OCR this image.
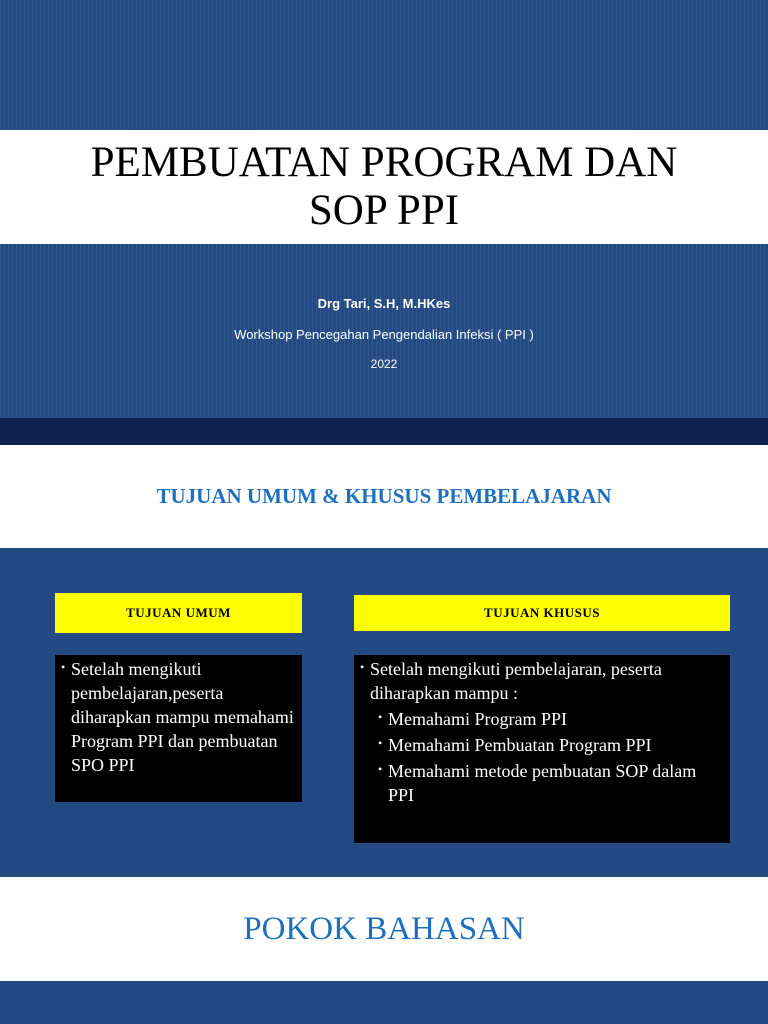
PEMBUATAN PROGRAM DAN
SOP PPI
Drg Tari, S.H, M.HKes
Workshop Pencegahan Pengendalian Infeksi ( PPI )
2022
TUJUAN UMUM & KHUSUS PEMBELAJARAN
TUJUAN UMUM	TUJUAN KHUSUS
• Setelah mengikuti pembelajaran,peserta diharapkan mampu memahami Program PPI dan pembuatan SPO PPI
• Setelah mengikuti pembelajaran, peserta diharapkan mampu :
• Memahami Program PPI
• Memahami Pembuatan Program PPI
• Memahami metode pembuatan SOP dalam PPI
POKOK BAHASAN
